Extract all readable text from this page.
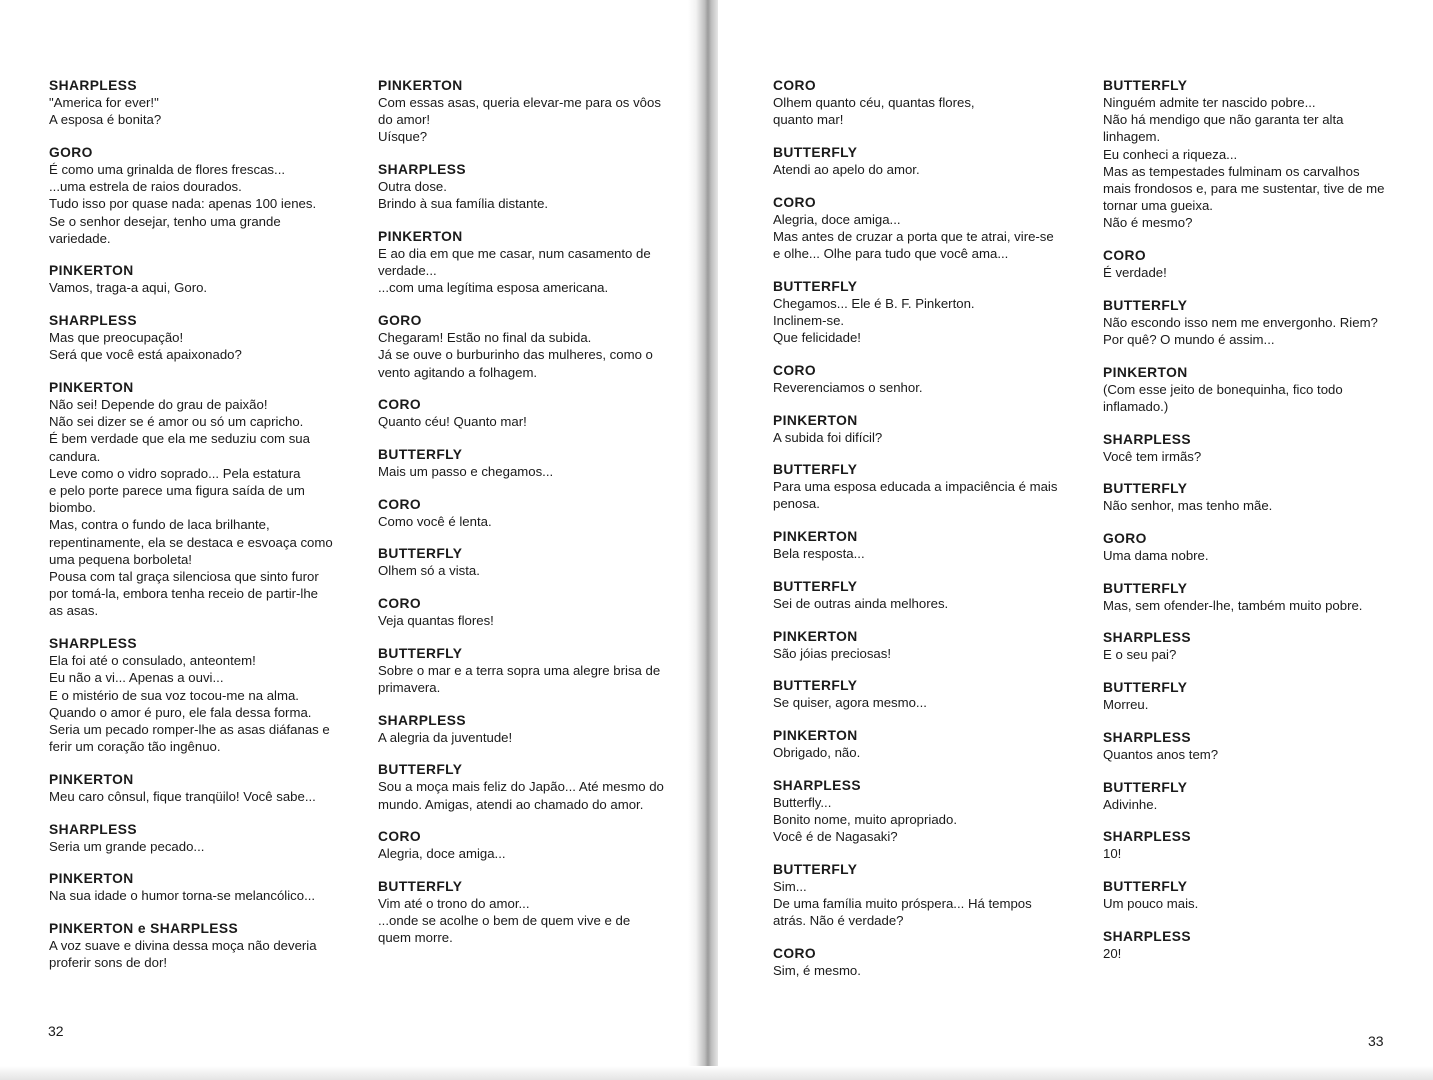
SHARPLESS
"America for ever!"
A esposa é bonita?
GORO
É como uma grinalda de flores frescas...
...uma estrela de raios dourados.
Tudo isso por quase nada: apenas 100 ienes.
Se o senhor desejar, tenho uma grande
variedade.
PINKERTON
Vamos, traga-a aqui, Goro.
SHARPLESS
Mas que preocupação!
Será que você está apaixonado?
PINKERTON
Não sei! Depende do grau de paixão!
Não sei dizer se é amor ou só um capricho.
É bem verdade que ela me seduziu com sua
candura.
Leve como o vidro soprado... Pela estatura
e pelo porte parece uma figura saída de um
biombo.
Mas, contra o fundo de laca brilhante,
repentinamente, ela se destaca e esvoaça como
uma pequena borboleta!
Pousa com tal graça silenciosa que sinto furor
por tomá-la, embora tenha receio de partir-lhe
as asas.
SHARPLESS
Ela foi até o consulado, anteontem!
Eu não a vi... Apenas a ouvi...
E o mistério de sua voz tocou-me na alma.
Quando o amor é puro, ele fala dessa forma.
Seria um pecado romper-lhe as asas diáfanas e
ferir um coração tão ingênuo.
PINKERTON
Meu caro cônsul, fique tranqüilo! Você sabe...
SHARPLESS
Seria um grande pecado...
PINKERTON
Na sua idade o humor torna-se melancólico...
PINKERTON e SHARPLESS
A voz suave e divina dessa moça não deveria
proferir sons de dor!
PINKERTON
Com essas asas, queria elevar-me para os vôos
do amor!
Uísque?
SHARPLESS
Outra dose.
Brindo à sua família distante.
PINKERTON
E ao dia em que me casar, num casamento de
verdade...
...com uma legítima esposa americana.
GORO
Chegaram! Estão no final da subida.
Já se ouve o burburinho das mulheres, como o
vento agitando a folhagem.
CORO
Quanto céu! Quanto mar!
BUTTERFLY
Mais um passo e chegamos...
CORO
Como você é lenta.
BUTTERFLY
Olhem só a vista.
CORO
Veja quantas flores!
BUTTERFLY
Sobre o mar e a terra sopra uma alegre brisa de
primavera.
SHARPLESS
A alegria da juventude!
BUTTERFLY
Sou a moça mais feliz do Japão... Até mesmo do
mundo. Amigas, atendi ao chamado do amor.
CORO
Alegria, doce amiga...
BUTTERFLY
Vim até o trono do amor...
...onde se acolhe o bem de quem vive e de
quem morre.
32
CORO
Olhem quanto céu, quantas flores,
quanto mar!
BUTTERFLY
Atendi ao apelo do amor.
CORO
Alegria, doce amiga...
Mas antes de cruzar a porta que te atrai, vire-se
e olhe... Olhe para tudo que você ama...
BUTTERFLY
Chegamos... Ele é B. F. Pinkerton.
Inclinem-se.
Que felicidade!
CORO
Reverenciamos o senhor.
PINKERTON
A subida foi difícil?
BUTTERFLY
Para uma esposa educada a impaciência é mais
penosa.
PINKERTON
Bela resposta...
BUTTERFLY
Sei de outras ainda melhores.
PINKERTON
São jóias preciosas!
BUTTERFLY
Se quiser, agora mesmo...
PINKERTON
Obrigado, não.
SHARPLESS
Butterfly...
Bonito nome, muito apropriado.
Você é de Nagasaki?
BUTTERFLY
Sim...
De uma família muito próspera... Há tempos
atrás. Não é verdade?
CORO
Sim, é mesmo.
BUTTERFLY
Ninguém admite ter nascido pobre...
Não há mendigo que não garanta ter alta
linhagem.
Eu conheci a riqueza...
Mas as tempestades fulminam os carvalhos
mais frondosos e, para me sustentar, tive de me
tornar uma gueixa.
Não é mesmo?
CORO
É verdade!
BUTTERFLY
Não escondo isso nem me envergonho. Riem?
Por quê? O mundo é assim...
PINKERTON
(Com esse jeito de bonequinha, fico todo
inflamado.)
SHARPLESS
Você tem irmãs?
BUTTERFLY
Não senhor, mas tenho mãe.
GORO
Uma dama nobre.
BUTTERFLY
Mas, sem ofender-lhe, também muito pobre.
SHARPLESS
E o seu pai?
BUTTERFLY
Morreu.
SHARPLESS
Quantos anos tem?
BUTTERFLY
Adivinhe.
SHARPLESS
10!
BUTTERFLY
Um pouco mais.
SHARPLESS
20!
33
